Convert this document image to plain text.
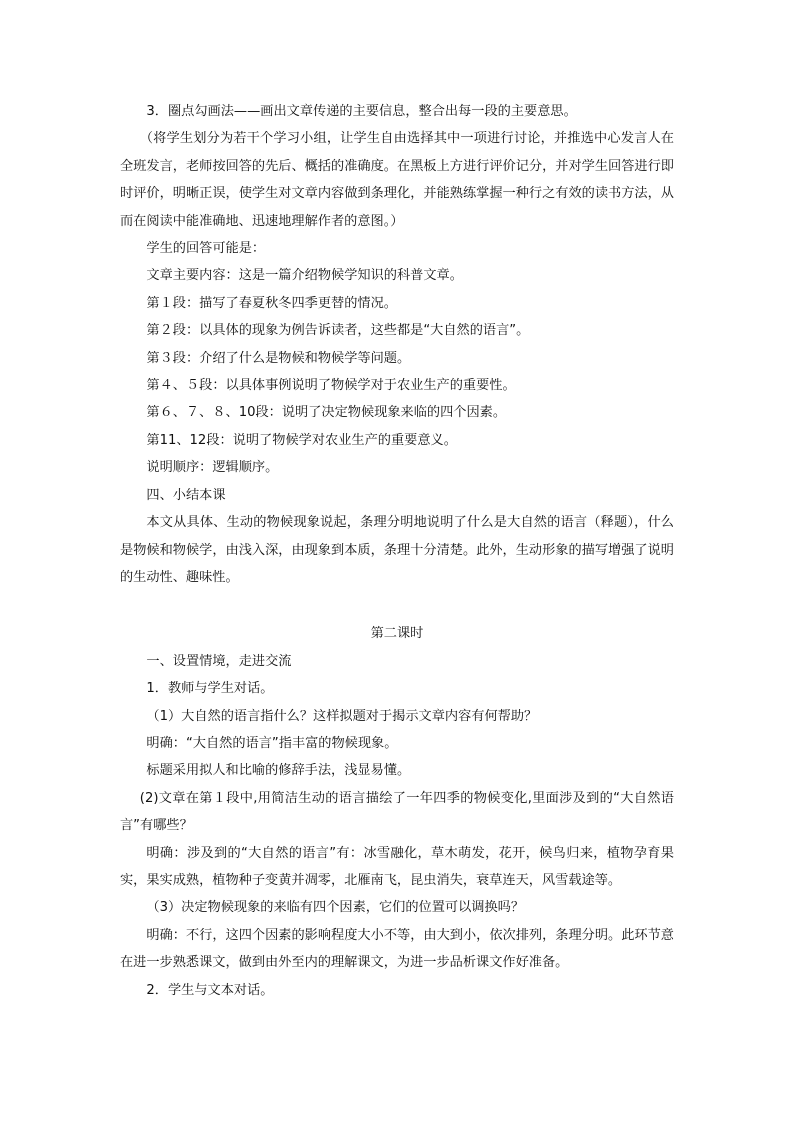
3．圈点勾画法——画出文章传递的主要信息，整合出每一段的主要意思。

（将学生划分为若干个学习小组，让学生自由选择其中一项进行讨论，并推选中心发言人在全班发言，老师按回答的先后、概括的准确度。在黑板上方进行评价记分，并对学生回答进行即时评价，明晰正误，使学生对文章内容做到条理化，并能熟练掌握一种行之有效的读书方法，从而在阅读中能准确地、迅速地理解作者的意图。）

学生的回答可能是：

文章主要内容：这是一篇介绍物候学知识的科普文章。

第１段：描写了春夏秋冬四季更替的情况。

第２段：以具体的现象为例告诉读者，这些都是“大自然的语言”。

第３段：介绍了什么是物候和物候学等问题。

第４、５段：以具体事例说明了物候学对于农业生产的重要性。

第６、７、８、10段：说明了决定物候现象来临的四个因素。

第11、12段：说明了物候学对农业生产的重要意义。

说明顺序：逻辑顺序。

四、小结本课

本文从具体、生动的物候现象说起，条理分明地说明了什么是大自然的语言（释题），什么是物候和物候学，由浅入深，由现象到本质，条理十分清楚。此外，生动形象的描写增强了说明的生动性、趣味性。

第二课时

一、设置情境，走进交流

1．教师与学生对话。

（1）大自然的语言指什么？这样拟题对于揭示文章内容有何帮助？

明确：“大自然的语言”指丰富的物候现象。

标题采用拟人和比喻的修辞手法，浅显易懂。

(2)文章在第１段中,用简洁生动的语言描绘了一年四季的物候变化,里面涉及到的“大自然语言”有哪些？

明确：涉及到的“大自然的语言”有：冰雪融化，草木萌发，花开，候鸟归来，植物孕育果实，果实成熟，植物种子变黄并凋零，北雁南飞，昆虫消失，衰草连天，风雪载途等。

（3）决定物候现象的来临有四个因素，它们的位置可以调换吗？

明确：不行，这四个因素的影响程度大小不等，由大到小，依次排列，条理分明。此环节意在进一步熟悉课文，做到由外至内的理解课文，为进一步品析课文作好准备。

2．学生与文本对话。
